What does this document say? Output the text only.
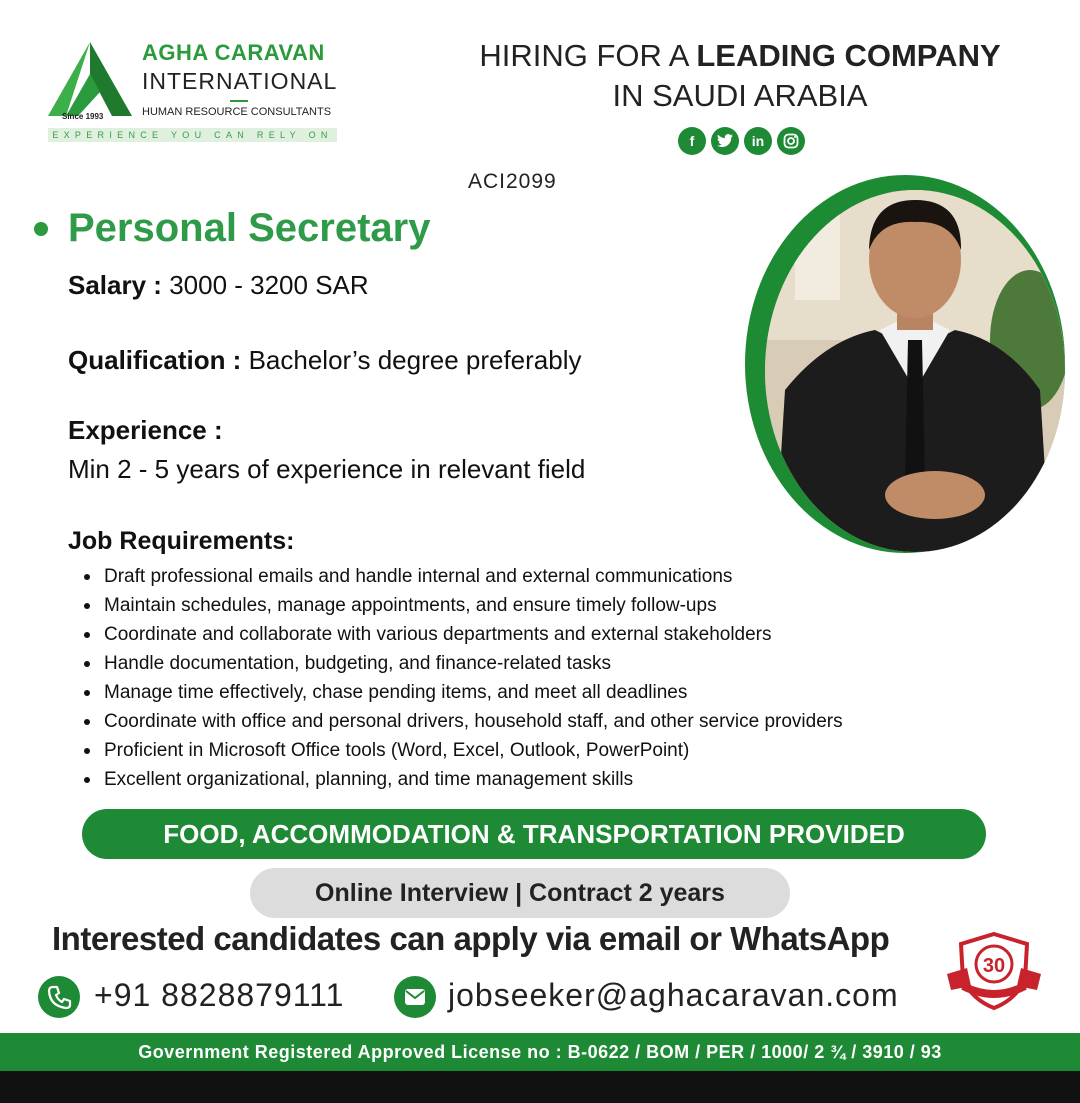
Since 1993
AGHA CARAVAN
INTERNATIONAL
HUMAN RESOURCE CONSULTANTS
EXPERIENCE YOU CAN RELY ON
HIRING FOR A LEADING COMPANY
IN SAUDI ARABIA
f	in
ACI2099
Personal Secretary
Salary : 3000 - 3200 SAR
Qualification : Bachelor’s degree preferably
Experience :
Min 2 - 5 years of experience in relevant field
Job Requirements:
Draft professional emails and handle internal and external communications
Maintain schedules, manage appointments, and ensure timely follow-ups
Coordinate and collaborate with various departments and external stakeholders
Handle documentation, budgeting, and finance-related tasks
Manage time effectively, chase pending items, and meet all deadlines
Coordinate with office and personal drivers, household staff, and other service providers
Proficient in Microsoft Office tools (Word, Excel, Outlook, PowerPoint)
Excellent organizational, planning, and time management skills
FOOD, ACCOMMODATION & TRANSPORTATION PROVIDED
Online Interview | Contract 2 years
Interested candidates can apply via email or WhatsApp
+91 8828879111	jobseeker@aghacaravan.com
30
Government Registered Approved License no : B-0622 / BOM / PER / 1000/ 2 ¾ / 3910 / 93
